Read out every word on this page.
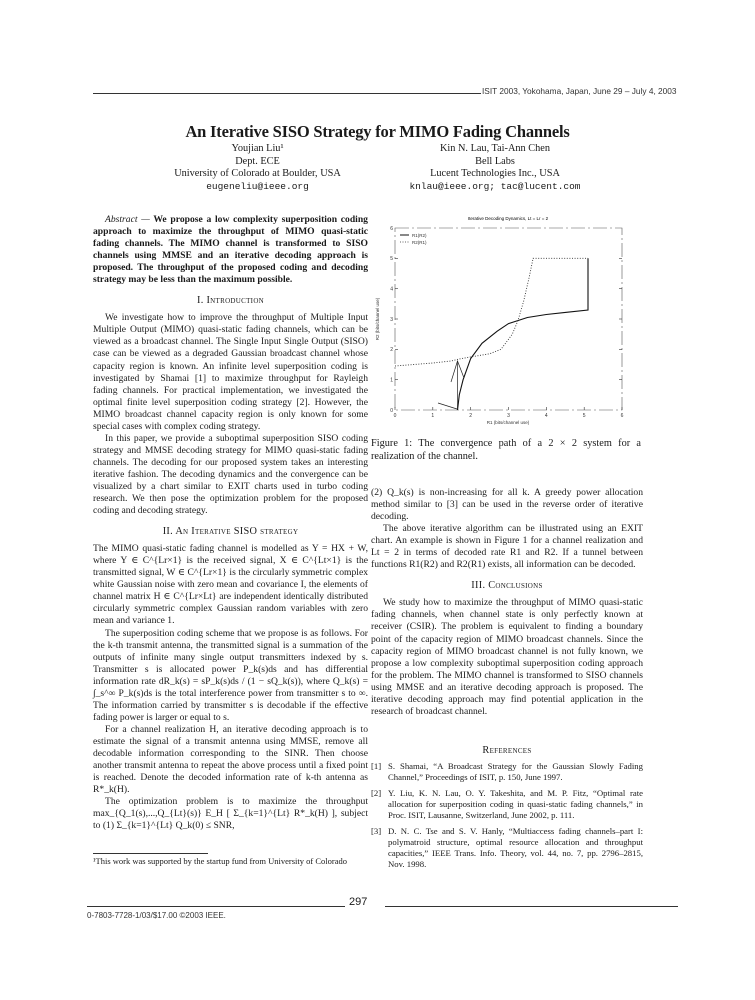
ISIT 2003, Yokohama, Japan, June 29 – July 4, 2003
An Iterative SISO Strategy for MIMO Fading Channels
Youjian Liu¹
Dept. ECE
University of Colorado at Boulder, USA
eugeneliu@ieee.org
Kin N. Lau, Tai-Ann Chen
Bell Labs
Lucent Technologies Inc., USA
knlau@ieee.org; tac@lucent.com

Abstract — We propose a low complexity superposition coding approach to maximize the throughput of MIMO quasi-static fading channels. The MIMO channel is transformed to SISO channels using MMSE and an iterative decoding approach is proposed. The throughput of the proposed coding and decoding strategy may be less than the maximum possible.

I. Introduction

We investigate how to improve the throughput of Multiple Input Multiple Output (MIMO) quasi-static fading channels, which can be viewed as a broadcast channel. The Single Input Single Output (SISO) case can be viewed as a degraded Gaussian broadcast channel whose capacity region is known. An infinite level superposition coding is investigated by Shamai [1] to maximize throughput for Rayleigh fading channels. For practical implementation, we investigated the optimal finite level superposition coding strategy [2]. However, the MIMO broadcast channel capacity region is only known for some special cases with complex coding strategy.

In this paper, we provide a suboptimal superposition SISO coding strategy and MMSE decoding strategy for MIMO quasi-static fading channels. The decoding for our proposed system takes an interesting iterative fashion. The decoding dynamics and the convergence can be visualized by a chart similar to EXIT charts used in turbo coding research. We then pose the optimization problem for the proposed coding and decoding strategy.

II. An Iterative SISO strategy

The MIMO quasi-static fading channel is modelled as Y = HX + W, where Y ∈ C^{Lr×1} is the received signal, X ∈ C^{Lt×1} is the transmitted signal, W ∈ C^{Lr×1} is the circularly symmetric complex white Gaussian noise with zero mean and covariance I, the elements of channel matrix H ∈ C^{Lr×Lt} are independent identically distributed circularly symmetric complex Gaussian random variables with zero mean and variance 1.

The superposition coding scheme that we propose is as follows. For the k-th transmit antenna, the transmitted signal is a summation of the outputs of infinite many single output transmitters indexed by s. Transmitter s is allocated power P_k(s)ds and has differential information rate dR_k(s) = sP_k(s)ds / (1 − sQ_k(s)), where Q_k(s) = ∫_s^∞ P_k(s)ds is the total interference power from transmitter s to ∞. The information carried by transmitter s is decodable if the effective fading power is larger or equal to s.

For a channel realization H, an iterative decoding approach is to estimate the signal of a transmit antenna using MMSE, remove all decodable information corresponding to the SINR. Then choose another transmit antenna to repeat the above process until a fixed point is reached. Denote the decoded information rate of k-th antenna as R*_k(H).

The optimization problem is to maximize the throughput max_{Q_1(s),...,Q_{Lt}(s)} E_H [ Σ_{k=1}^{Lt} R*_k(H) ], subject to (1) Σ_{k=1}^{Lt} Q_k(0) ≤ SNR,

¹This work was supported by the startup fund from University of Colorado
Iterative Decoding Dynamics, Lt = Lr = 2
0	1	2	3	4	5	6
0
1
2
3
4
5
6
R1 (bits/channel use)
R2 (bits/channel use)
R1(R2)
R2(R1)
Figure 1: The convergence path of a 2 × 2 system for a realization of the channel.

(2) Q_k(s) is non-increasing for all k. A greedy power allocation method similar to [3] can be used in the reverse order of iterative decoding.

The above iterative algorithm can be illustrated using an EXIT chart. An example is shown in Figure 1 for a channel realization and Lt = 2 in terms of decoded rate R1 and R2. If a tunnel between functions R1(R2) and R2(R1) exists, all information can be decoded.

III. Conclusions

We study how to maximize the throughput of MIMO quasi-static fading channels, when channel state is only perfectly known at receiver (CSIR). The problem is equivalent to finding a boundary point of the capacity region of MIMO broadcast channels. Since the capacity region of MIMO broadcast channel is not fully known, we propose a low complexity suboptimal superposition coding approach for the problem. The MIMO channel is transformed to SISO channels using MMSE and an iterative decoding approach is proposed. The iterative decoding approach may find potential application in the research of broadcast channel.

References
[1] S. Shamai, “A Broadcast Strategy for the Gaussian Slowly Fading Channel,” Proceedings of ISIT, p. 150, June 1997.
[2] Y. Liu, K. N. Lau, O. Y. Takeshita, and M. P. Fitz, “Optimal rate allocation for superposition coding in quasi-static fading channels,” in Proc. ISIT, Lausanne, Switzerland, June 2002, p. 111.
[3] D. N. C. Tse and S. V. Hanly, “Multiaccess fading channels–part I: polymatroid structure, optimal resource allocation and throughput capacities,” IEEE Trans. Info. Theory, vol. 44, no. 7, pp. 2796–2815, Nov. 1998.
297
0-7803-7728-1/03/$17.00 ©2003 IEEE.
